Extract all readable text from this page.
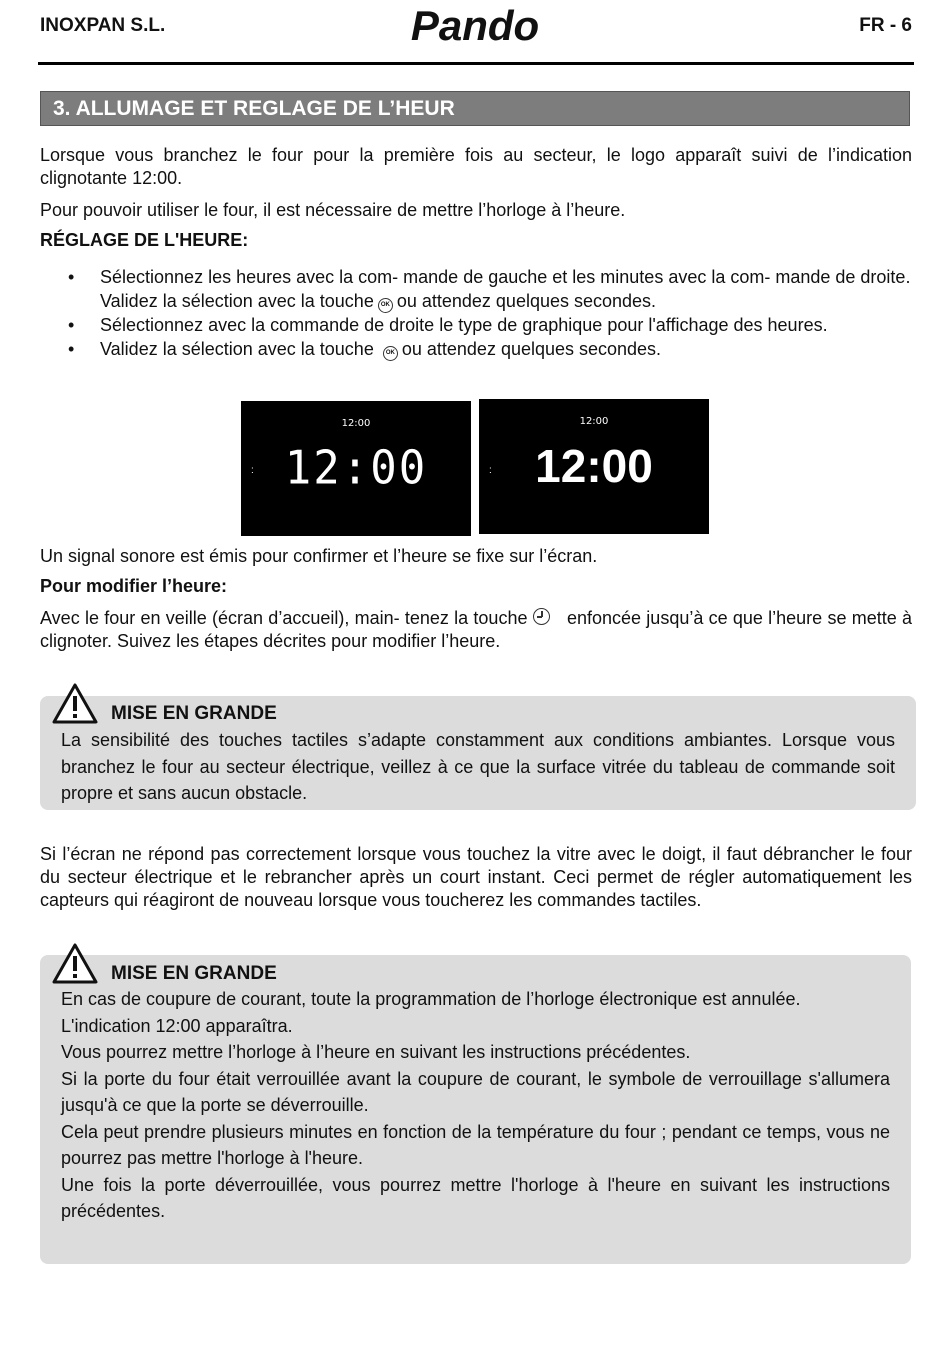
INOXPAN S.L.	Pando	FR - 6
3. ALLUMAGE ET REGLAGE DE L’HEUR
Lorsque vous branchez le four pour la première fois au secteur, le logo apparaît suivi de l’indication clignotante 12:00.
Pour pouvoir utiliser le four, il est nécessaire de mettre l’horloge à l’heure.
RÉGLAGE DE L'HEURE:
• Sélectionnez les heures avec la com- mande de gauche et les minutes avec la com- mande de droite. Validez la sélection avec la touche OK ou attendez quelques secondes.
• Sélectionnez avec la commande de droite le type de graphique pour l'affichage des heures.
• Validez la sélection avec la touche OK ou attendez quelques secondes.
12:00
: 12:00
12:00
: 12:00
Un signal sonore est émis pour confirmer et l’heure se fixe sur l’écran.
Pour modifier l’heure:
Avec le four en veille (écran d’accueil), main- tenez la touche enfoncée jusqu’à ce que l’heure se mette à clignoter. Suivez les étapes décrites pour modifier l’heure.
MISE EN GRANDE
La sensibilité des touches tactiles s’adapte constamment aux conditions ambiantes. Lorsque vous branchez le four au secteur électrique, veillez à ce que la surface vitrée du tableau de commande soit propre et sans aucun obstacle.
Si l’écran ne répond pas correctement lorsque vous touchez la vitre avec le doigt, il faut débrancher le four du secteur électrique et le rebrancher après un court instant. Ceci permet de régler automatiquement les capteurs qui réagiront de nouveau lorsque vous toucherez les commandes tactiles.
MISE EN GRANDE
En cas de coupure de courant, toute la programmation de l’horloge électronique est annulée.
L'indication 12:00 apparaîtra.
Vous pourrez mettre l’horloge à l’heure en suivant les instructions précédentes.
Si la porte du four était verrouillée avant la coupure de courant, le symbole de verrouillage s'allumera jusqu'à ce que la porte se déverrouille.
Cela peut prendre plusieurs minutes en fonction de la température du four ; pendant ce temps, vous ne pourrez pas mettre l'horloge à l'heure.
Une fois la porte déverrouillée, vous pourrez mettre l'horloge à l'heure en suivant les instructions précédentes.
